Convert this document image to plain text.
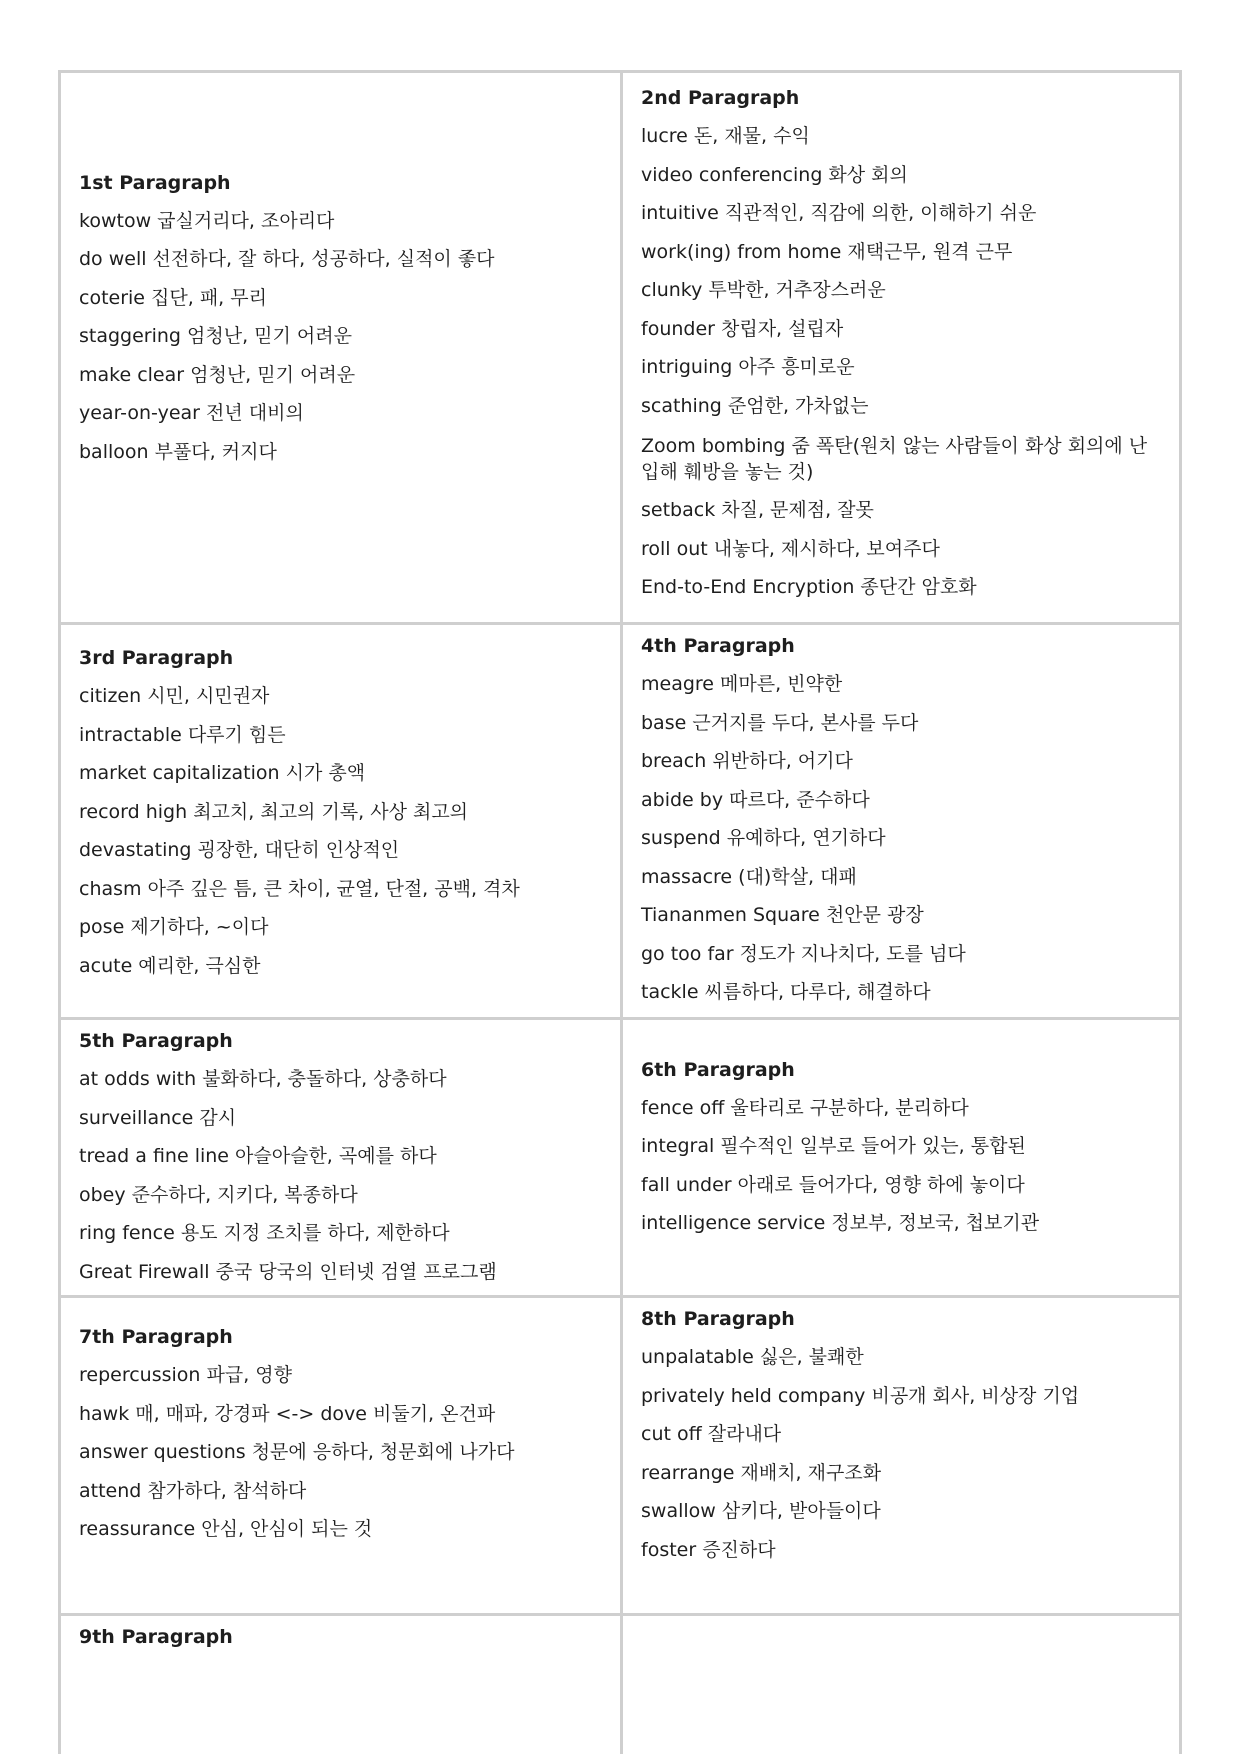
1st Paragraph
kowtow 굽실거리다, 조아리다
do well 선전하다, 잘 하다, 성공하다, 실적이 좋다
coterie 집단, 패, 무리
staggering 엄청난, 믿기 어려운
make clear 엄청난, 믿기 어려운
year-on-year 전년 대비의
balloon 부풀다, 커지다
2nd Paragraph
lucre 돈, 재물, 수익
video conferencing 화상 회의
intuitive 직관적인, 직감에 의한, 이해하기 쉬운
work(ing) from home 재택근무, 원격 근무
clunky 투박한, 거추장스러운
founder 창립자, 설립자
intriguing 아주 흥미로운
scathing 준엄한, 가차없는
Zoom bombing 줌 폭탄(원치 않는 사람들이 화상 회의에 난입해 훼방을 놓는 것)
setback 차질, 문제점, 잘못
roll out 내놓다, 제시하다, 보여주다
End-to-End Encryption 종단간 암호화
3rd Paragraph
citizen 시민, 시민권자
intractable 다루기 힘든
market capitalization 시가 총액
record high 최고치, 최고의 기록, 사상 최고의
devastating 굉장한, 대단히 인상적인
chasm 아주 깊은 틈, 큰 차이, 균열, 단절, 공백, 격차
pose 제기하다, ~이다
acute 예리한, 극심한
4th Paragraph
meagre 메마른, 빈약한
base 근거지를 두다, 본사를 두다
breach 위반하다, 어기다
abide by 따르다, 준수하다
suspend 유예하다, 연기하다
massacre (대)학살, 대패
Tiananmen Square 천안문 광장
go too far 정도가 지나치다, 도를 넘다
tackle 씨름하다, 다루다, 해결하다
5th Paragraph
at odds with 불화하다, 충돌하다, 상충하다
surveillance 감시
tread a fine line 아슬아슬한, 곡예를 하다
obey 준수하다, 지키다, 복종하다
ring fence 용도 지정 조치를 하다, 제한하다
Great Firewall 중국 당국의 인터넷 검열 프로그램
6th Paragraph
fence off 울타리로 구분하다, 분리하다
integral 필수적인 일부로 들어가 있는, 통합된
fall under 아래로 들어가다, 영향 하에 놓이다
intelligence service 정보부, 정보국, 첩보기관
7th Paragraph
repercussion 파급, 영향
hawk 매, 매파, 강경파 <-> dove 비둘기, 온건파
answer questions 청문에 응하다, 청문회에 나가다
attend 참가하다, 참석하다
reassurance 안심, 안심이 되는 것
8th Paragraph
unpalatable 싫은, 불쾌한
privately held company 비공개 회사, 비상장 기업
cut off 잘라내다
rearrange 재배치, 재구조화
swallow 삼키다, 받아들이다
foster 증진하다
9th Paragraph
